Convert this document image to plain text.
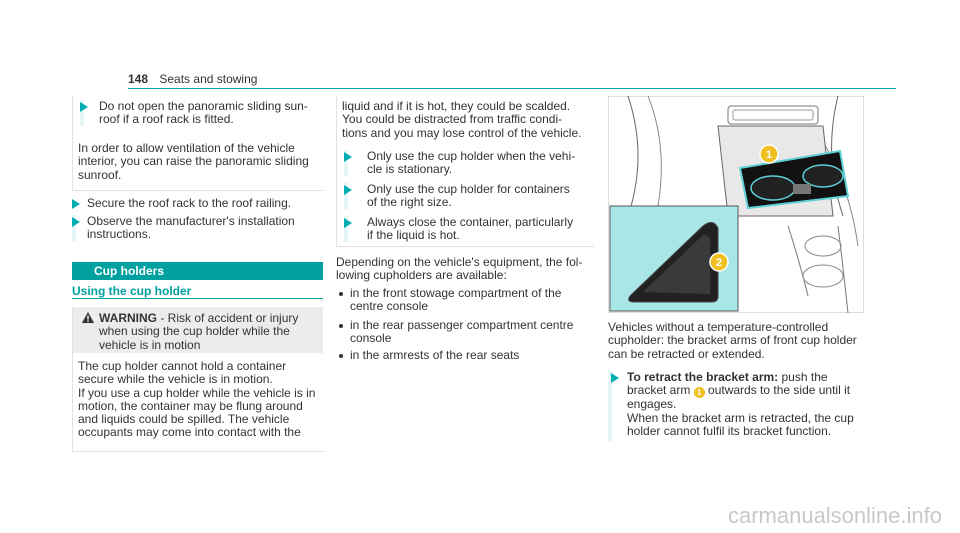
148 Seats and stowing
Do not open the panoramic sliding sun-
roof if a roof rack is fitted.
In order to allow ventilation of the vehicle
interior, you can raise the panoramic sliding
sunroof.
Secure the roof rack to the roof railing.
Observe the manufacturer's installation
instructions.
Cup holders
Using the cup holder
WARNING - Risk of accident or injury
when using the cup holder while the
vehicle is in motion
The cup holder cannot hold a container
secure while the vehicle is in motion.
If you use a cup holder while the vehicle is in
motion, the container may be flung around
and liquids could be spilled. The vehicle
occupants may come into contact with the
liquid and if it is hot, they could be scalded.
You could be distracted from traffic condi-
tions and you may lose control of the vehicle.
Only use the cup holder when the vehi-
cle is stationary.
Only use the cup holder for containers
of the right size.
Always close the container, particularly
if the liquid is hot.
Depending on the vehicle's equipment, the fol-
lowing cupholders are available:
in the front stowage compartment of the
centre console
in the rear passenger compartment centre
console
in the armrests of the rear seats
1
2
Vehicles without a temperature-controlled
cupholder: the bracket arms of front cup holder
can be retracted or extended.
To retract the bracket arm: push the
bracket arm 1 outwards to the side until it
engages.
When the bracket arm is retracted, the cup
holder cannot fulfil its bracket function.
carmanualsonline.info
